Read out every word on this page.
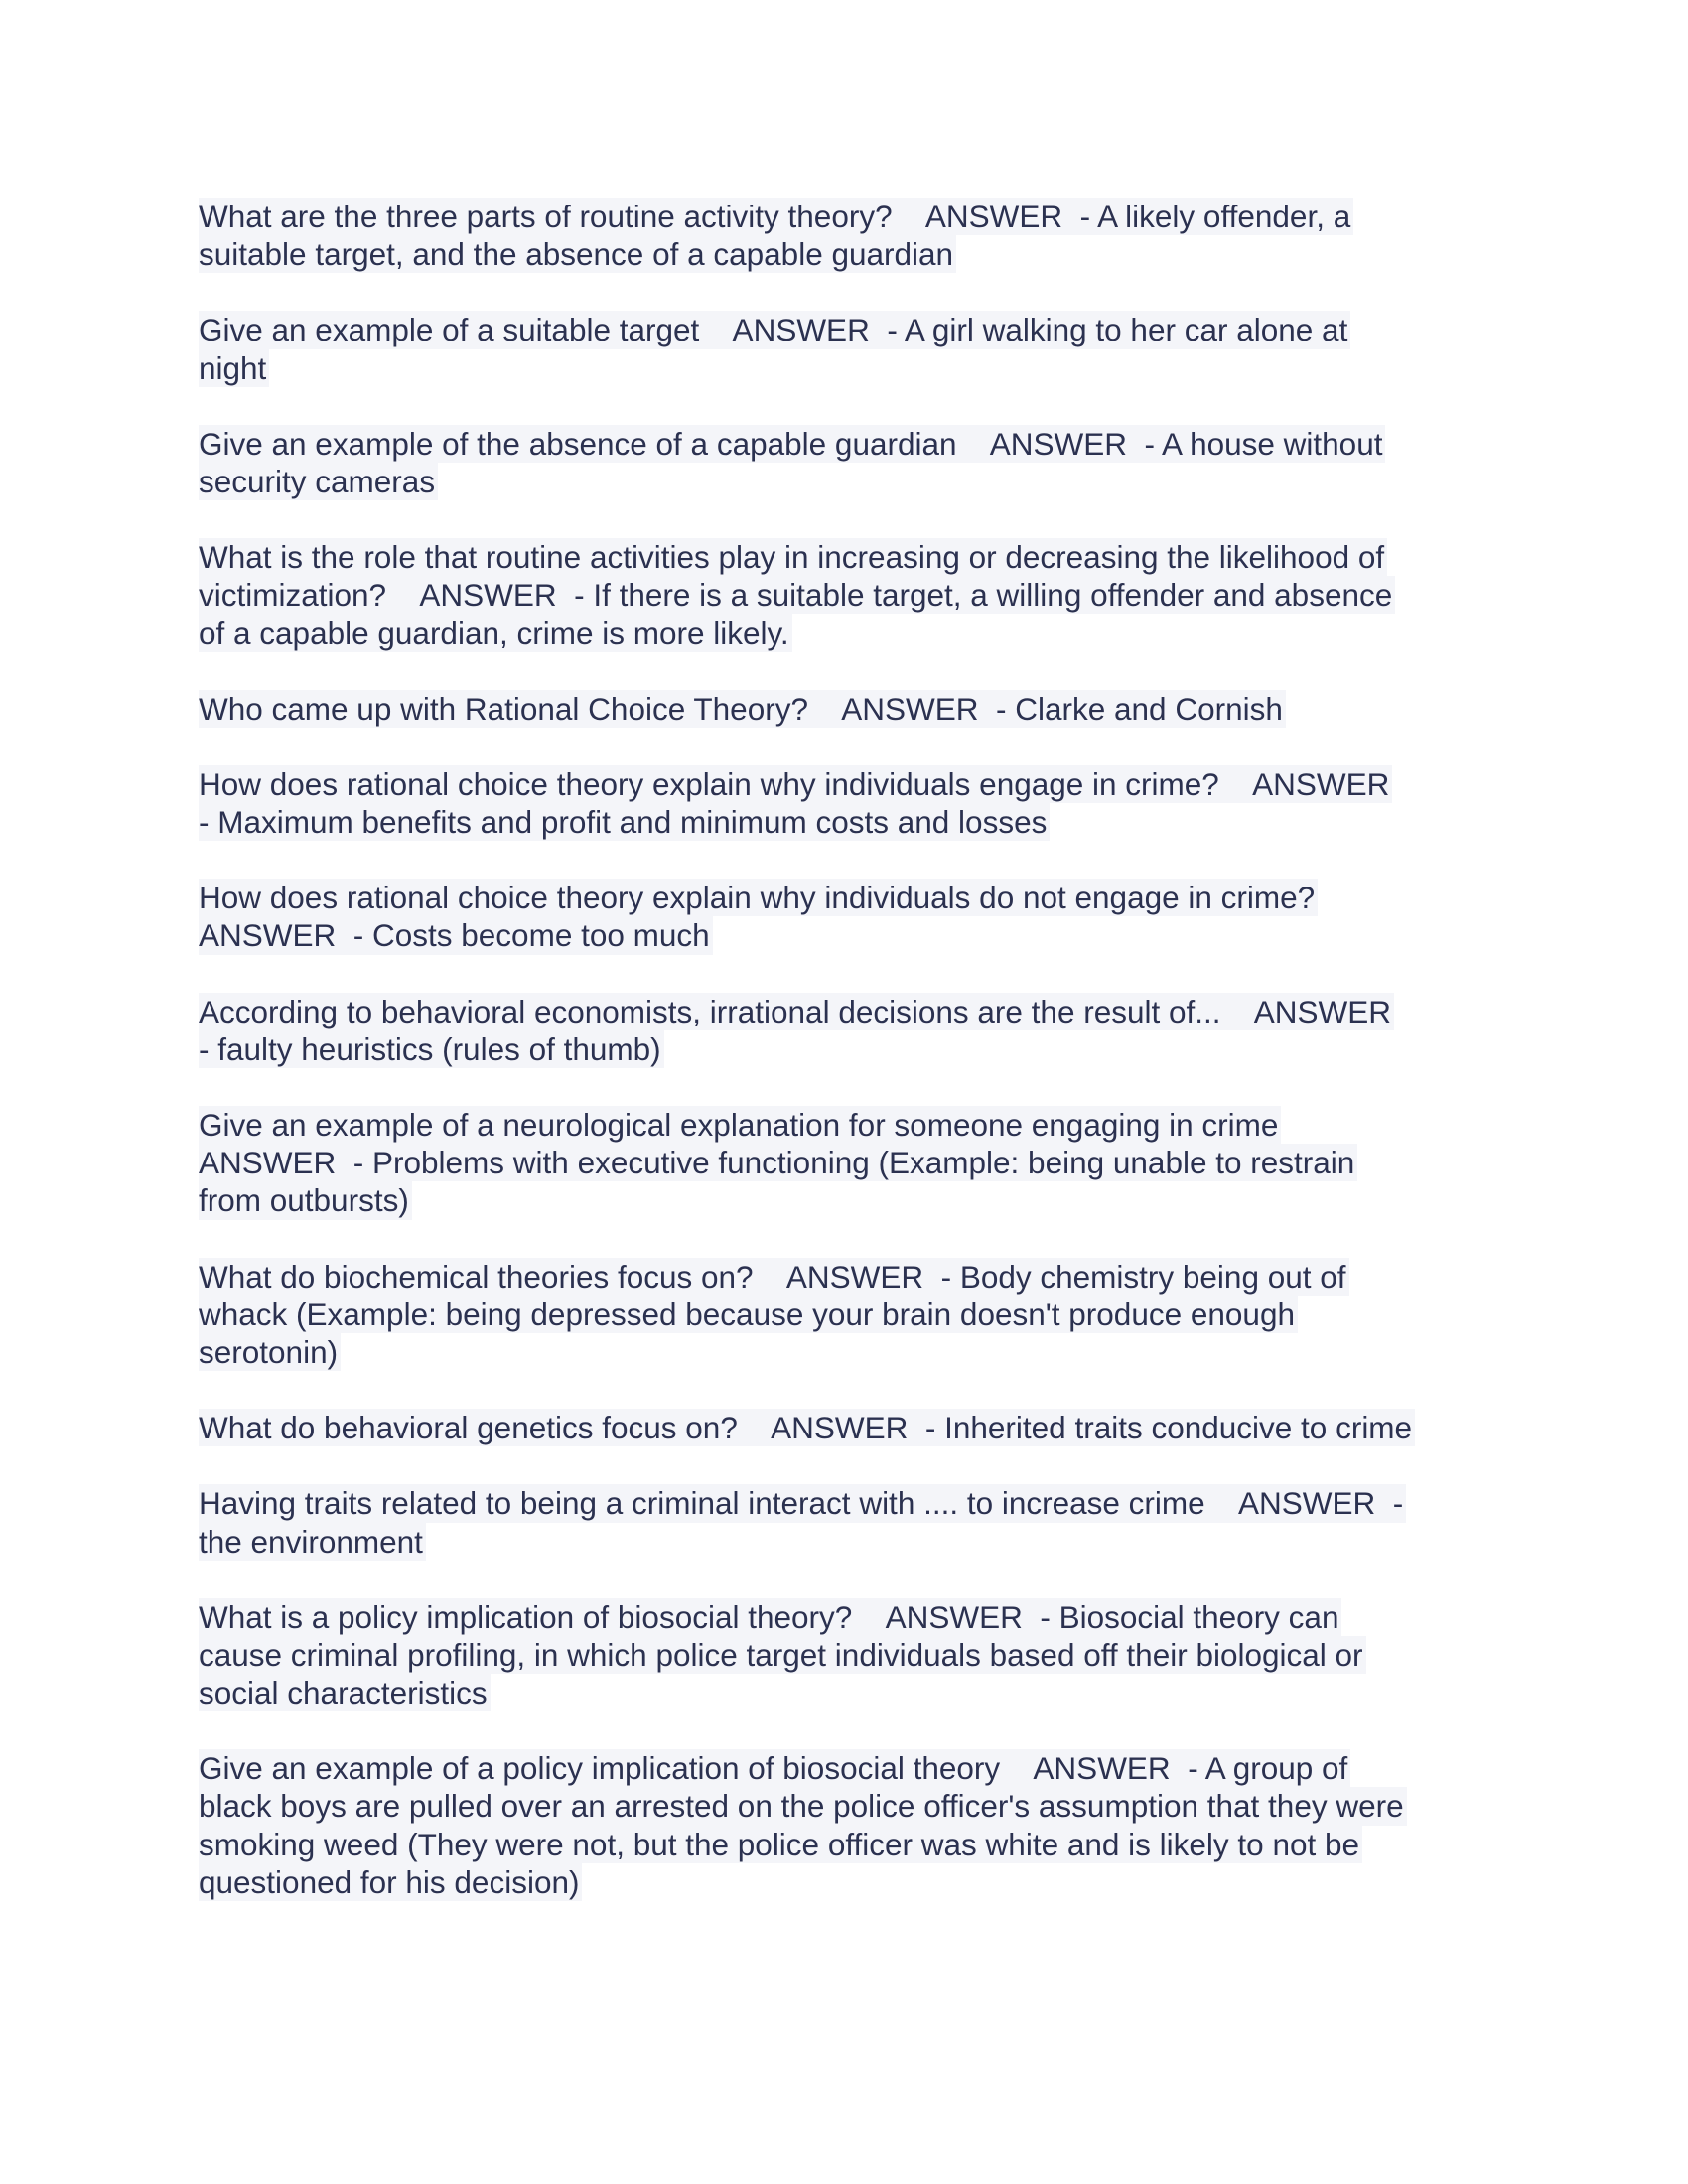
What are the three parts of routine activity theory?    ANSWER  - A likely offender, a
suitable target, and the absence of a capable guardian
Give an example of a suitable target    ANSWER  - A girl walking to her car alone at
night
Give an example of the absence of a capable guardian    ANSWER  - A house without
security cameras
What is the role that routine activities play in increasing or decreasing the likelihood of
victimization?    ANSWER  - If there is a suitable target, a willing offender and absence
of a capable guardian, crime is more likely.
Who came up with Rational Choice Theory?    ANSWER  - Clarke and Cornish
How does rational choice theory explain why individuals engage in crime?    ANSWER
- Maximum benefits and profit and minimum costs and losses
How does rational choice theory explain why individuals do not engage in crime?
ANSWER  - Costs become too much
According to behavioral economists, irrational decisions are the result of...    ANSWER
- faulty heuristics (rules of thumb)
Give an example of a neurological explanation for someone engaging in crime
ANSWER  - Problems with executive functioning (Example: being unable to restrain
from outbursts)
What do biochemical theories focus on?    ANSWER  - Body chemistry being out of
whack (Example: being depressed because your brain doesn't produce enough
serotonin)
What do behavioral genetics focus on?    ANSWER  - Inherited traits conducive to crime
Having traits related to being a criminal interact with .... to increase crime    ANSWER  -
the environment
What is a policy implication of biosocial theory?    ANSWER  - Biosocial theory can
cause criminal profiling, in which police target individuals based off their biological or
social characteristics
Give an example of a policy implication of biosocial theory    ANSWER  - A group of
black boys are pulled over an arrested on the police officer's assumption that they were
smoking weed (They were not, but the police officer was white and is likely to not be
questioned for his decision)
